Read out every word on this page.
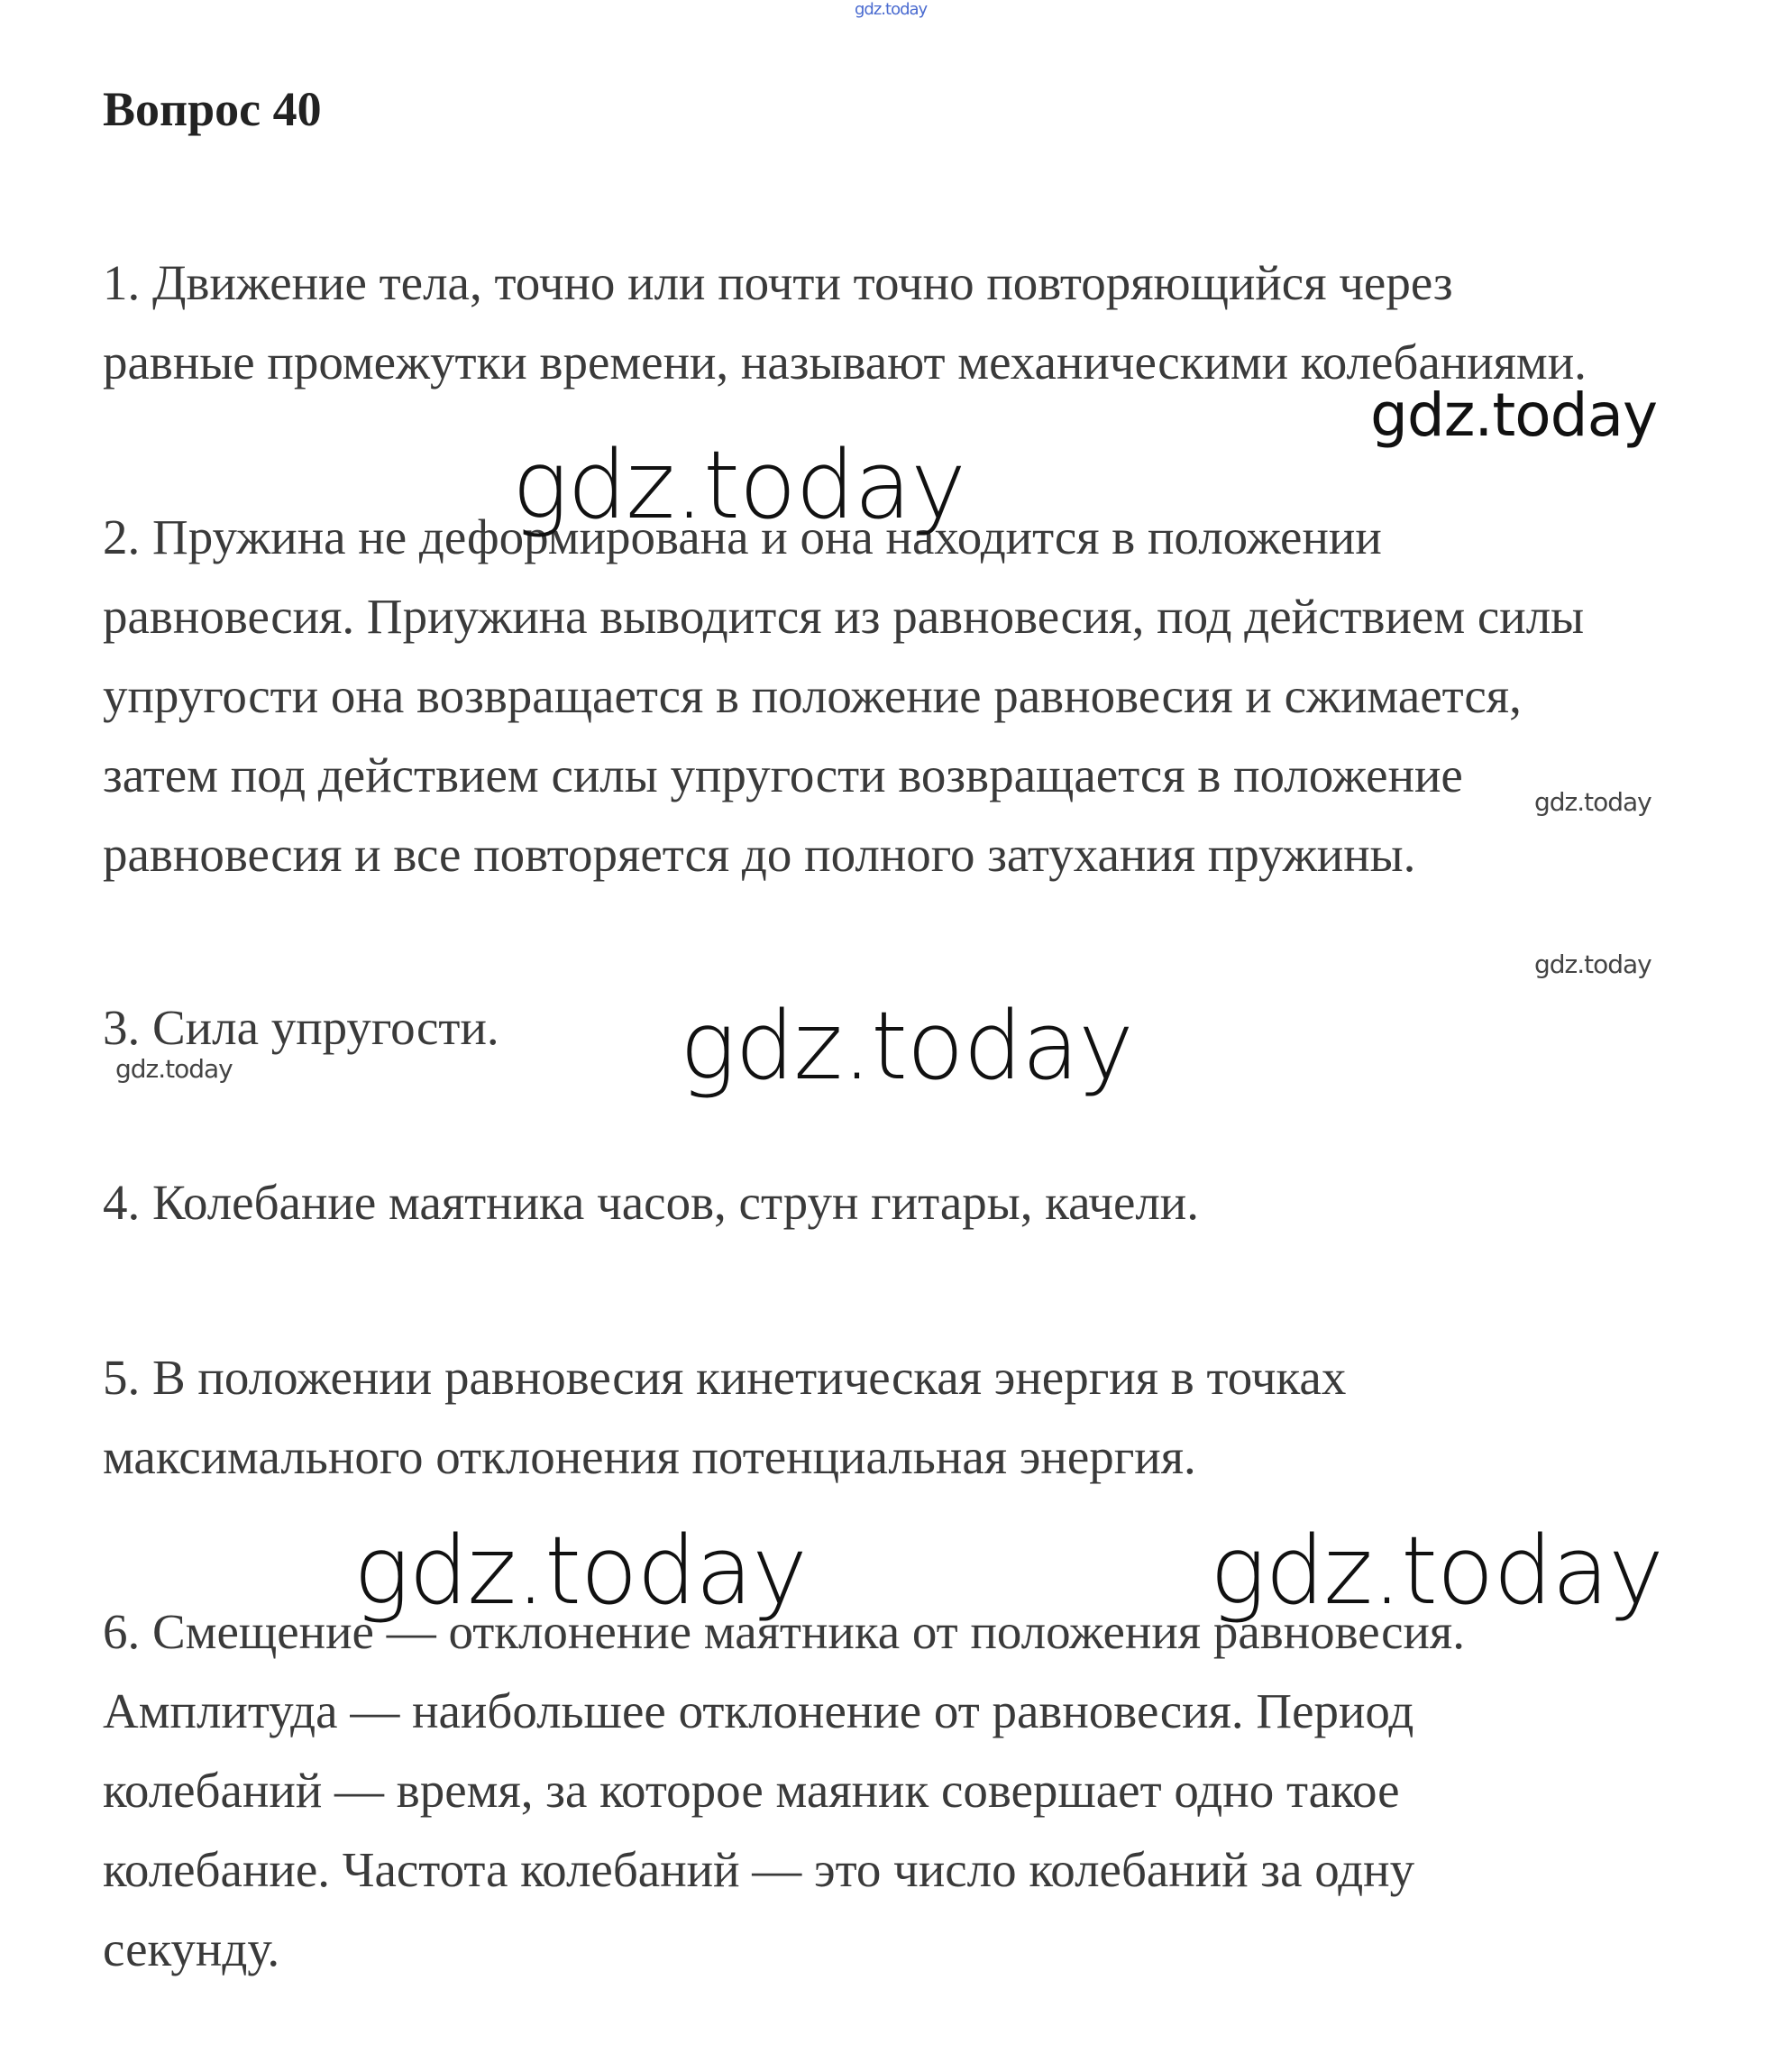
gdz.today
Вопрос 40

1. Движение тела, точно или почти точно повторяющийся через
равные промежутки времени, называют механическими колебаниями.

2. Пружина не деформирована и она находится в положении
равновесия. Приужина выводится из равновесия, под действием силы
упругости она возвращается в положение равновесия и сжимается,
затем под действием силы упругости возвращается в положение
равновесия и все повторяется до полного затухания пружины.

3. Сила упругости.

4. Колебание маятника часов, струн гитары, качели.

5. В положении равновесия кинетическая энергия в точках
максимального отклонения потенциальная энергия.

6. Смещение — отклонение маятника от положения равновесия.
Амплитуда — наибольшее отклонение от равновесия. Период
колебаний — время, за которое маяник совершает одно такое
колебание. Частота колебаний — это число колебаний за одну
секунду.

gdz.today
gdz.today
gdz.today
gdz.today
gdz.today
gdz.today
gdz.today	gdz.today
